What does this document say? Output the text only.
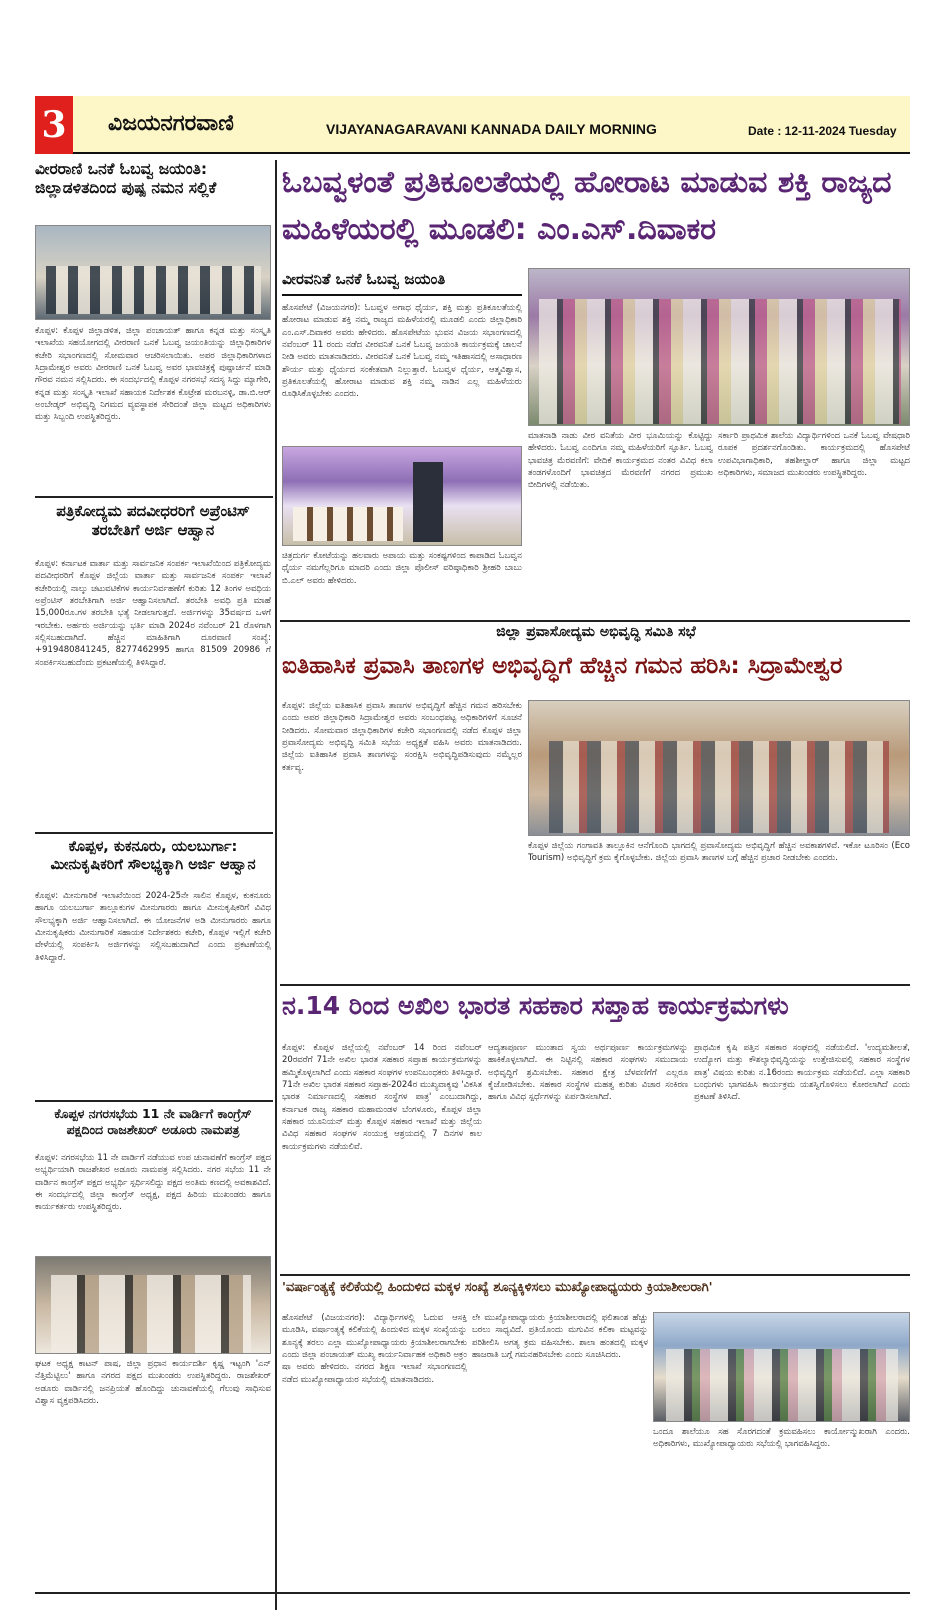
3 ವಿಜಯನಗರವಾಣಿ	VIJAYANAGARAVANI KANNADA DAILY MORNING	Date : 12-11-2024 Tuesday
ವೀರರಾಣಿ ಒನಕೆ ಓಬವ್ವ ಜಯಂತಿ: ಜಿಲ್ಲಾಡಳಿತದಿಂದ ಪುಷ್ಪ ನಮನ ಸಲ್ಲಿಕೆ
ಕೊಪ್ಪಳ: ಕೊಪ್ಪಳ ಜಿಲ್ಲಾಡಳಿತ, ಜಿಲ್ಲಾ ಪಂಚಾಯತ್ ಹಾಗೂ ಕನ್ನಡ ಮತ್ತು ಸಂಸ್ಕೃತಿ ಇಲಾಖೆಯ ಸಹಯೋಗದಲ್ಲಿ ವೀರರಾಣಿ ಒನಕೆ ಓಬವ್ವ ಜಯಂತಿಯನ್ನು ಜಿಲ್ಲಾಧಿಕಾರಿಗಳ ಕಚೇರಿ ಸಭಾಂಗಣದಲ್ಲಿ ಸೋಮವಾರ ಆಚರಿಸಲಾಯಿತು. ಅಪರ ಜಿಲ್ಲಾಧಿಕಾರಿಗಳಾದ ಸಿದ್ರಾಮೇಶ್ವರ ಅವರು ವೀರರಾಣಿ ಒನಕೆ ಓಬವ್ವ ಅವರ ಭಾವಚಿತ್ರಕ್ಕೆ ಪುಷ್ಪಾರ್ಚನೆ ಮಾಡಿ ಗೌರವ ನಮನ ಸಲ್ಲಿಸಿದರು. ಈ ಸಂದರ್ಭದಲ್ಲಿ ಕೊಪ್ಪಳ ನಗರಸಭೆ ಸದಸ್ಯ ಸಿದ್ದು ಮ್ಯಾಗೇರಿ, ಕನ್ನಡ ಮತ್ತು ಸಂಸ್ಕೃತಿ ಇಲಾಖೆ ಸಹಾಯಕ ನಿರ್ದೇಶಕ ಕೊಟ್ರೇಶ ಮರಬನಳ್ಳಿ, ಡಾ.ಬಿ.ಆರ್ ಅಂಬೇಡ್ಕರ್ ಅಭಿವೃದ್ಧಿ ನಿಗಮದ ವ್ಯವಸ್ಥಾಪಕ ಸೇರಿದಂತೆ ಜಿಲ್ಲಾ ಮಟ್ಟದ ಅಧಿಕಾರಿಗಳು ಮತ್ತು ಸಿಬ್ಬಂದಿ ಉಪಸ್ಥಿತರಿದ್ದರು.
ಪತ್ರಿಕೋದ್ಯಮ ಪದವೀಧರರಿಗೆ ಅಪ್ರೆಂಟಿಸ್ ತರಬೇತಿಗೆ ಅರ್ಜಿ ಆಹ್ವಾನ
ಕೊಪ್ಪಳ: ಕರ್ನಾಟಕ ವಾರ್ತಾ ಮತ್ತು ಸಾರ್ವಜನಿಕ ಸಂಪರ್ಕ ಇಲಾಖೆಯಿಂದ ಪತ್ರಿಕೋದ್ಯಮ ಪದವೀಧರರಿಗೆ ಕೊಪ್ಪಳ ಜಿಲ್ಲೆಯ ವಾರ್ತಾ ಮತ್ತು ಸಾರ್ವಜನಿಕ ಸಂಪರ್ಕ ಇಲಾಖೆ ಕಚೇರಿಯಲ್ಲಿ ನಾಲ್ಕು ಚಟುವಟಿಕೆಗಳ ಕಾರ್ಯನಿರ್ವಹಣೆಗೆ ಕುರಿತು 12 ತಿಂಗಳ ಅವಧಿಯ ಅಪ್ರೆಂಟಿಸ್ ತರಬೇತಿಗಾಗಿ ಅರ್ಜಿ ಆಹ್ವಾನಿಸಲಾಗಿದೆ. ತರಬೇತಿ ಅವಧಿ ಪ್ರತಿ ಮಾಹೆ 15,000ರೂ.ಗಳ ತರಬೇತಿ ಭತ್ಯೆ ನೀಡಲಾಗುತ್ತದೆ. ಅರ್ಜಿಗಳನ್ನು 35ವರ್ಷದ ಒಳಗೆ ಇರಬೇಕು. ಅರ್ಹರು ಅರ್ಜಿಯನ್ನು ಭರ್ತಿ ಮಾಡಿ 2024ರ ನವೆಂಬರ್ 21 ರೊಳಗಾಗಿ ಸಲ್ಲಿಸಬಹುದಾಗಿದೆ. ಹೆಚ್ಚಿನ ಮಾಹಿತಿಗಾಗಿ ದೂರವಾಣಿ ಸಂಖ್ಯೆ: +919480841245, 8277462995 ಹಾಗೂ 81509 20986 ಗೆ ಸಂಪರ್ಕಿಸಬಹುದೆಂದು ಪ್ರಕಟಣೆಯಲ್ಲಿ ತಿಳಿಸಿದ್ದಾರೆ.
ಕೊಪ್ಪಳ, ಕುಕನೂರು, ಯಲಬುರ್ಗಾ: ಮೀನುಕೃಷಿಕರಿಗೆ ಸೌಲಭ್ಯಕ್ಕಾಗಿ ಅರ್ಜಿ ಆಹ್ವಾನ
ಕೊಪ್ಪಳ: ಮೀನುಗಾರಿಕೆ ಇಲಾಖೆಯಿಂದ 2024-25ನೇ ಸಾಲಿನ ಕೊಪ್ಪಳ, ಕುಕನೂರು ಹಾಗೂ ಯಲಬುರ್ಗಾ ತಾಲ್ಲೂಕುಗಳ ಮೀನುಗಾರರು ಹಾಗೂ ಮೀನುಕೃಷಿಕರಿಗೆ ವಿವಿಧ ಸೌಲಭ್ಯಕ್ಕಾಗಿ ಅರ್ಜಿ ಆಹ್ವಾನಿಸಲಾಗಿದೆ. ಈ ಯೋಜನೆಗಳ ಅಡಿ ಮೀನುಗಾರರು ಹಾಗೂ ಮೀನುಕೃಷಿಕರು ಮೀನುಗಾರಿಕೆ ಸಹಾಯಕ ನಿರ್ದೇಶಕರು ಕಚೇರಿ, ಕೊಪ್ಪಳ ಇಲ್ಲಿಗೆ ಕಚೇರಿ ವೇಳೆಯಲ್ಲಿ ಸಂಪರ್ಕಿಸಿ ಅರ್ಜಿಗಳನ್ನು ಸಲ್ಲಿಸಬಹುದಾಗಿದೆ ಎಂದು ಪ್ರಕಟಣೆಯಲ್ಲಿ ತಿಳಿಸಿದ್ದಾರೆ.
ಕೊಪ್ಪಳ ನಗರಸಭೆಯ 11 ನೇ ವಾರ್ಡಿಗೆ ಕಾಂಗ್ರೆಸ್ ಪಕ್ಷದಿಂದ ರಾಜಶೇಖರ್ ಅಡೂರು ನಾಮಪತ್ರ
ಕೊಪ್ಪಳ: ನಗರಸಭೆಯ 11 ನೇ ವಾರ್ಡಿಗೆ ನಡೆಯುವ ಉಪ ಚುನಾವಣೆಗೆ ಕಾಂಗ್ರೆಸ್ ಪಕ್ಷದ ಅಭ್ಯರ್ಥಿಯಾಗಿ ರಾಜಶೇಖರ ಅಡೂರು ನಾಮಪತ್ರ ಸಲ್ಲಿಸಿದರು. ನಗರ ಸಭೆಯ 11 ನೇ ವಾರ್ಡಿನ ಕಾಂಗ್ರೆಸ್ ಪಕ್ಷದ ಅಭ್ಯರ್ಥಿ ಸ್ಪರ್ಧಿಸಲಿದ್ದು ಪಕ್ಷದ ಅಂತಿಮ ಕಣದಲ್ಲಿ ಅವಕಾಶವಿದೆ. ಈ ಸಂದರ್ಭದಲ್ಲಿ ಜಿಲ್ಲಾ ಕಾಂಗ್ರೆಸ್ ಅಧ್ಯಕ್ಷ, ಪಕ್ಷದ ಹಿರಿಯ ಮುಖಂಡರು ಹಾಗೂ ಕಾರ್ಯಕರ್ತರು ಉಪಸ್ಥಿತರಿದ್ದರು.
ಘಟಕ ಅಧ್ಯಕ್ಷ ಕಾಟನ್ ಪಾಷ, ಜಿಲ್ಲಾ ಪ್ರಧಾನ ಕಾರ್ಯದರ್ಶಿ ಕೃಷ್ಣ ಇಟ್ಟಂಗಿ 'ಎನ್ ನೆತ್ತಿಮೆಟ್ಟಿಲು' ಹಾಗೂ ನಗರದ ಪಕ್ಷದ ಮುಖಂಡರು ಉಪಸ್ಥಿತರಿದ್ದರು. ರಾಜಶೇಖರ್ ಅಡೂರು ವಾರ್ಡಿನಲ್ಲಿ ಜನಪ್ರಿಯತೆ ಹೊಂದಿದ್ದು ಚುನಾವಣೆಯಲ್ಲಿ ಗೆಲುವು ಸಾಧಿಸುವ ವಿಶ್ವಾಸ ವ್ಯಕ್ತಪಡಿಸಿದರು.
ಓಬವ್ವಳಂತೆ ಪ್ರತಿಕೂಲತೆಯಲ್ಲಿ ಹೋರಾಟ ಮಾಡುವ ಶಕ್ತಿ ರಾಜ್ಯದ ಮಹಿಳೆಯರಲ್ಲಿ ಮೂಡಲಿ: ಎಂ.ಎಸ್.ದಿವಾಕರ
ವೀರವನಿತೆ ಒನಕೆ ಓಬವ್ವ ಜಯಂತಿ
ಹೊಸಪೇಟೆ (ವಿಜಯನಗರ): ಓಬವ್ವಳ ಅಗಾಧ ಧೈರ್ಯ, ಶಕ್ತಿ ಮತ್ತು ಪ್ರತಿಕೂಲತೆಯಲ್ಲಿ ಹೋರಾಟ ಮಾಡುವ ಶಕ್ತಿ ನಮ್ಮ ರಾಜ್ಯದ ಮಹಿಳೆಯರಲ್ಲಿ ಮೂಡಲಿ ಎಂದು ಜಿಲ್ಲಾಧಿಕಾರಿ ಎಂ.ಎಸ್.ದಿವಾಕರ ಅವರು ಹೇಳಿದರು. ಹೊಸಪೇಟೆಯ ಭುವನ ವಿಜಯ ಸಭಾಂಗಣದಲ್ಲಿ ನವೆಂಬರ್ 11 ರಂದು ನಡೆದ ವೀರವನಿತೆ ಒನಕೆ ಓಬವ್ವ ಜಯಂತಿ ಕಾರ್ಯಕ್ರಮಕ್ಕೆ ಚಾಲನೆ ನೀಡಿ ಅವರು ಮಾತನಾಡಿದರು. ವೀರವನಿತೆ ಒನಕೆ ಓಬವ್ವ ನಮ್ಮ ಇತಿಹಾಸದಲ್ಲಿ ಅಸಾಧಾರಣ ಶೌರ್ಯ ಮತ್ತು ಧೈರ್ಯದ ಸಂಕೇತವಾಗಿ ನಿಲ್ಲುತ್ತಾರೆ. ಓಬವ್ವಳ ಧೈರ್ಯ, ಆತ್ಮವಿಶ್ವಾಸ, ಪ್ರತಿಕೂಲತೆಯಲ್ಲಿ ಹೋರಾಟ ಮಾಡುವ ಶಕ್ತಿ ನಮ್ಮ ನಾಡಿನ ಎಲ್ಲ ಮಹಿಳೆಯರು ರೂಢಿಸಿಕೊಳ್ಳಬೇಕು ಎಂದರು.
ಚಿತ್ರದುರ್ಗ ಕೋಟೆಯನ್ನು ಹಲವಾರು ಅಪಾಯ ಮತ್ತು ಸಂಕಷ್ಟಗಳಿಂದ ಕಾಪಾಡಿದ ಓಬವ್ವನ ಧೈರ್ಯ ನಮಗೆಲ್ಲರಿಗೂ ಮಾದರಿ ಎಂದು ಜಿಲ್ಲಾ ಪೊಲೀಸ್ ವರಿಷ್ಠಾಧಿಕಾರಿ ಶ್ರೀಹರಿ ಬಾಬು ಬಿ.ಎಲ್ ಅವರು ಹೇಳಿದರು.
ಮಾತನಾಡಿ ನಾಡು ವೀರ ವನಿತೆಯ ವೀರ ಭೂಮಿಯನ್ನು ಕೊಟ್ಟಿದ್ದು ಹೇಳಿದರು. ಓಬವ್ವ ಎಂದಿಗೂ ನಮ್ಮ ಮಹಿಳೆಯರಿಗೆ ಸ್ಫೂರ್ತಿ. ಓಬವ್ವ ಭಾವಚಿತ್ರ ಮೆರವಣಿಗೆ: ವೇದಿಕೆ ಕಾರ್ಯಕ್ರಮದ ನಂತರ ವಿವಿಧ ಕಲಾ ತಂಡಗಳೊಂದಿಗೆ ಭಾವಚಿತ್ರದ ಮೆರವಣಿಗೆ ನಗರದ ಪ್ರಮುಖ ಬೀದಿಗಳಲ್ಲಿ ನಡೆಯಿತು.
ಸರ್ಕಾರಿ ಪ್ರಾಥಮಿಕ ಶಾಲೆಯ ವಿದ್ಯಾರ್ಥಿಗಳಿಂದ ಒನಕೆ ಓಬವ್ವ ವೇಷಧಾರಿ ರೂಪಕ ಪ್ರದರ್ಶನಗೊಂಡಿತು. ಕಾರ್ಯಕ್ರಮದಲ್ಲಿ ಹೊಸಪೇಟೆ ಉಪವಿಭಾಗಾಧಿಕಾರಿ, ತಹಶೀಲ್ದಾರ್ ಹಾಗೂ ಜಿಲ್ಲಾ ಮಟ್ಟದ ಅಧಿಕಾರಿಗಳು, ಸಮಾಜದ ಮುಖಂಡರು ಉಪಸ್ಥಿತರಿದ್ದರು.
ಜಿಲ್ಲಾ ಪ್ರವಾಸೋದ್ಯಮ ಅಭಿವೃದ್ಧಿ ಸಮಿತಿ ಸಭೆ
ಐತಿಹಾಸಿಕ ಪ್ರವಾಸಿ ತಾಣಗಳ ಅಭಿವೃದ್ಧಿಗೆ ಹೆಚ್ಚಿನ ಗಮನ ಹರಿಸಿ: ಸಿದ್ರಾಮೇಶ್ವರ
ಕೊಪ್ಪಳ: ಜಿಲ್ಲೆಯ ಐತಿಹಾಸಿಕ ಪ್ರವಾಸಿ ತಾಣಗಳ ಅಭಿವೃದ್ಧಿಗೆ ಹೆಚ್ಚಿನ ಗಮನ ಹರಿಸಬೇಕು ಎಂದು ಅಪರ ಜಿಲ್ಲಾಧಿಕಾರಿ ಸಿದ್ರಾಮೇಶ್ವರ ಅವರು ಸಂಬಂಧಪಟ್ಟ ಅಧಿಕಾರಿಗಳಿಗೆ ಸೂಚನೆ ನೀಡಿದರು. ಸೋಮವಾರ ಜಿಲ್ಲಾಧಿಕಾರಿಗಳ ಕಚೇರಿ ಸಭಾಂಗಣದಲ್ಲಿ ನಡೆದ ಕೊಪ್ಪಳ ಜಿಲ್ಲಾ ಪ್ರವಾಸೋದ್ಯಮ ಅಭಿವೃದ್ಧಿ ಸಮಿತಿ ಸಭೆಯ ಅಧ್ಯಕ್ಷತೆ ವಹಿಸಿ ಅವರು ಮಾತನಾಡಿದರು. ಜಿಲ್ಲೆಯ ಐತಿಹಾಸಿಕ ಪ್ರವಾಸಿ ತಾಣಗಳನ್ನು ಸಂರಕ್ಷಿಸಿ ಅಭಿವೃದ್ಧಿಪಡಿಸುವುದು ನಮ್ಮೆಲ್ಲರ ಕರ್ತವ್ಯ.
ಕೊಪ್ಪಳ ಜಿಲ್ಲೆಯ ಗಂಗಾವತಿ ತಾಲ್ಲೂಕಿನ ಆನೆಗೊಂದಿ ಭಾಗದಲ್ಲಿ ಪ್ರವಾಸೋದ್ಯಮ ಅಭಿವೃದ್ಧಿಗೆ ಹೆಚ್ಚಿನ ಅವಕಾಶಗಳಿವೆ. ಇಕೋ ಟೂರಿಸಂ (Eco Tourism) ಅಭಿವೃದ್ಧಿಗೆ ಕ್ರಮ ಕೈಗೊಳ್ಳಬೇಕು. ಜಿಲ್ಲೆಯ ಪ್ರವಾಸಿ ತಾಣಗಳ ಬಗ್ಗೆ ಹೆಚ್ಚಿನ ಪ್ರಚಾರ ನೀಡಬೇಕು ಎಂದರು.
ನ.14 ರಿಂದ ಅಖಿಲ ಭಾರತ ಸಹಕಾರ ಸಪ್ತಾಹ ಕಾರ್ಯಕ್ರಮಗಳು
ಕೊಪ್ಪಳ: ಕೊಪ್ಪಳ ಜಿಲ್ಲೆಯಲ್ಲಿ ನವೆಂಬರ್ 14 ರಿಂದ ನವೆಂಬರ್ 20ರವರೆಗೆ 71ನೇ ಅಖಿಲ ಭಾರತ ಸಹಕಾರ ಸಪ್ತಾಹ ಕಾರ್ಯಕ್ರಮಗಳನ್ನು ಹಮ್ಮಿಕೊಳ್ಳಲಾಗಿದೆ ಎಂದು ಸಹಕಾರ ಸಂಘಗಳ ಉಪನಿಬಂಧಕರು ತಿಳಿಸಿದ್ದಾರೆ. 71ನೇ ಅಖಿಲ ಭಾರತ ಸಹಕಾರ ಸಪ್ತಾಹ-2024ರ ಮುಖ್ಯವಾಕ್ಯವು 'ವಿಕಸಿತ ಭಾರತ ನಿರ್ಮಾಣದಲ್ಲಿ ಸಹಕಾರ ಸಂಸ್ಥೆಗಳ ಪಾತ್ರ' ಎಂಬುದಾಗಿದ್ದು, ಕರ್ನಾಟಕ ರಾಜ್ಯ ಸಹಕಾರ ಮಹಾಮಂಡಳ ಬೆಂಗಳೂರು, ಕೊಪ್ಪಳ ಜಿಲ್ಲಾ ಸಹಕಾರ ಯೂನಿಯನ್ ಮತ್ತು ಕೊಪ್ಪಳ ಸಹಕಾರ ಇಲಾಖೆ ಮತ್ತು ಜಿಲ್ಲೆಯ ವಿವಿಧ ಸಹಕಾರ ಸಂಘಗಳ ಸಂಯುಕ್ತ ಆಶ್ರಯದಲ್ಲಿ 7 ದಿನಗಳ ಕಾಲ ಕಾರ್ಯಕ್ರಮಗಳು ನಡೆಯಲಿವೆ.
ಆದ್ಯತಾಪೂರ್ಣ ಮುಂತಾದ ಸ್ವಯ ಅರ್ಥಪೂರ್ಣ ಕಾರ್ಯಕ್ರಮಗಳನ್ನು ಹಾಕಿಕೊಳ್ಳಲಾಗಿದೆ. ಈ ನಿಟ್ಟಿನಲ್ಲಿ ಸಹಕಾರ ಸಂಘಗಳು ಸಮುದಾಯ ಅಭಿವೃದ್ಧಿಗೆ ಶ್ರಮಿಸಬೇಕು. ಸಹಕಾರ ಕ್ಷೇತ್ರ ಬೆಳವಣಿಗೆಗೆ ಎಲ್ಲರೂ ಕೈಜೋಡಿಸಬೇಕು. ಸಹಕಾರ ಸಂಸ್ಥೆಗಳ ಮಹತ್ವ ಕುರಿತು ವಿಚಾರ ಸಂಕಿರಣ ಹಾಗೂ ವಿವಿಧ ಸ್ಪರ್ಧೆಗಳನ್ನು ಏರ್ಪಡಿಸಲಾಗಿದೆ.
ಪ್ರಾಥಮಿಕ ಕೃಷಿ ಪತ್ತಿನ ಸಹಕಾರ ಸಂಘದಲ್ಲಿ ನಡೆಯಲಿದೆ. 'ಉದ್ಯಮಶೀಲತೆ, ಉದ್ಯೋಗ ಮತ್ತು ಕೌಶಲ್ಯಾಭಿವೃದ್ಧಿಯನ್ನು ಉತ್ತೇಜಿಸುವಲ್ಲಿ ಸಹಕಾರ ಸಂಸ್ಥೆಗಳ ಪಾತ್ರ' ವಿಷಯ ಕುರಿತು ನ.16ರಂದು ಕಾರ್ಯಕ್ರಮ ನಡೆಯಲಿದೆ. ಎಲ್ಲಾ ಸಹಕಾರಿ ಬಂಧುಗಳು ಭಾಗವಹಿಸಿ ಕಾರ್ಯಕ್ರಮ ಯಶಸ್ವಿಗೊಳಿಸಲು ಕೋರಲಾಗಿದೆ ಎಂದು ಪ್ರಕಟಣೆ ತಿಳಿಸಿದೆ.
'ವರ್ಷಾಂತ್ಯಕ್ಕೆ ಕಲಿಕೆಯಲ್ಲಿ ಹಿಂದುಳಿದ ಮಕ್ಕಳ ಸಂಖ್ಯೆ ಶೂನ್ಯಕ್ಕಿಳಿಸಲು ಮುಖ್ಯೋಪಾಧ್ಯಯರು ಕ್ರಿಯಾಶೀಲರಾಗಿ'
ಹೊಸಪೇಟೆ (ವಿಜಯನಗರ): ವಿದ್ಯಾರ್ಥಿಗಳಲ್ಲಿ ಓದುವ ಆಸಕ್ತಿ ಮೂಡಿಸಿ, ವರ್ಷಾಂತ್ಯಕ್ಕೆ ಕಲಿಕೆಯಲ್ಲಿ ಹಿಂದುಳಿದ ಮಕ್ಕಳ ಸಂಖ್ಯೆಯನ್ನು ಶೂನ್ಯಕ್ಕೆ ತರಲು ಎಲ್ಲಾ ಮುಖ್ಯೋಪಾಧ್ಯಾಯರು ಕ್ರಿಯಾಶೀಲರಾಗಬೇಕು ಎಂದು ಜಿಲ್ಲಾ ಪಂಚಾಯತ್ ಮುಖ್ಯ ಕಾರ್ಯನಿರ್ವಾಹಕ ಅಧಿಕಾರಿ ಅಕ್ರಂ ಷಾ ಅವರು ಹೇಳಿದರು. ನಗರದ ಶಿಕ್ಷಣ ಇಲಾಖೆ ಸಭಾಂಗಣದಲ್ಲಿ ನಡೆದ ಮುಖ್ಯೋಪಾಧ್ಯಾಯರ ಸಭೆಯಲ್ಲಿ ಮಾತನಾಡಿದರು.
ಲೇ ಮುಖ್ಯೋಪಾಧ್ಯಾಯರು ಕ್ರಿಯಾಶೀಲರಾದಲ್ಲಿ ಫಲಿತಾಂಶ ಹೆಚ್ಚು ಬರಲು ಸಾಧ್ಯವಿದೆ. ಪ್ರತಿಯೊಂದು ಮಗುವಿನ ಕಲಿಕಾ ಮಟ್ಟವನ್ನು ಪರಿಶೀಲಿಸಿ ಅಗತ್ಯ ಕ್ರಮ ವಹಿಸಬೇಕು. ಶಾಲಾ ಹಂತದಲ್ಲಿ ಮಕ್ಕಳ ಹಾಜರಾತಿ ಬಗ್ಗೆ ಗಮನಹರಿಸಬೇಕು ಎಂದು ಸೂಚಿಸಿದರು.
ಒಂದೂ ಶಾಲೆಯೂ ಸಹ ಸೊರಗದಂತೆ ಕ್ರಮವಹಿಸಲು ಕಾರ್ಯೋನ್ಮುಖರಾಗಿ ಎಂದರು. ಅಧಿಕಾರಿಗಳು, ಮುಖ್ಯೋಪಾಧ್ಯಾಯರು ಸಭೆಯಲ್ಲಿ ಭಾಗವಹಿಸಿದ್ದರು.
